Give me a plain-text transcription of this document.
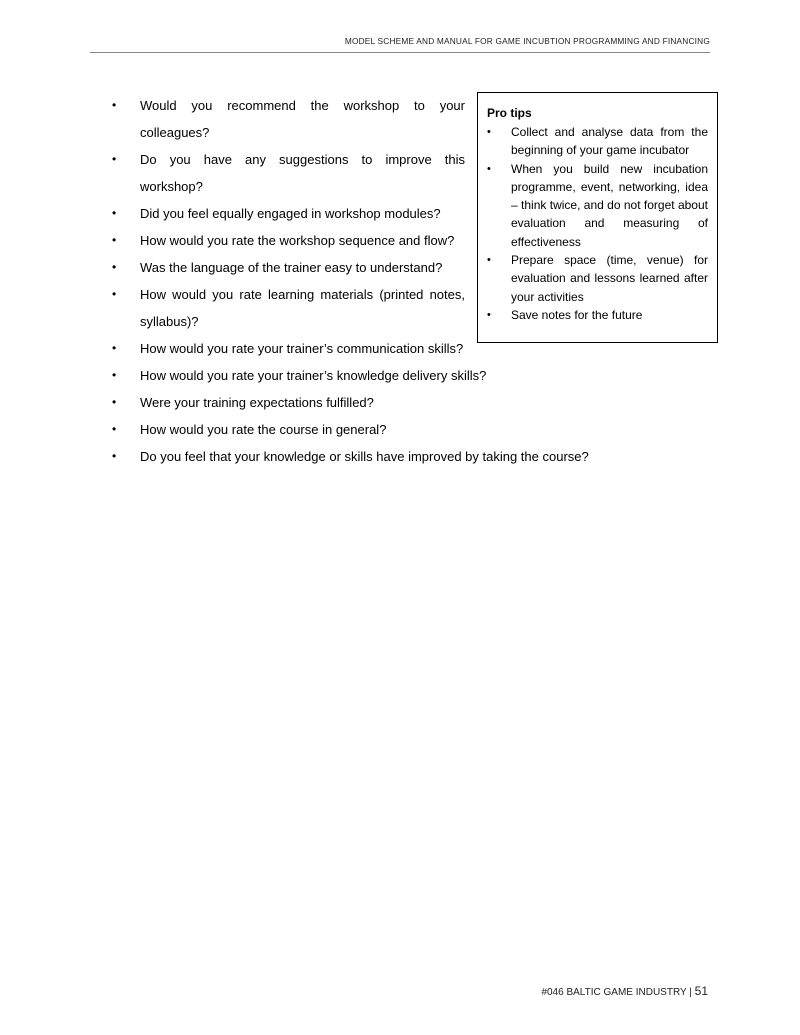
MODEL SCHEME AND MANUAL FOR GAME INCUBTION PROGRAMMING AND FINANCING
• Would you recommend the workshop to your colleagues?
• Do you have any suggestions to improve this workshop?
• Did you feel equally engaged in workshop modules?
• How would you rate the workshop sequence and flow?
• Was the language of the trainer easy to understand?
• How would you rate learning materials (printed notes, syllabus)?
• How would you rate your trainer’s communication skills?
• How would you rate your trainer’s knowledge delivery skills?
• Were your training expectations fulfilled?
• How would you rate the course in general?
• Do you feel that your knowledge or skills have improved by taking the course?
Pro tips
• Collect and analyse data from the beginning of your game incubator
• When you build new incubation programme, event, networking, idea – think twice, and do not forget about evaluation and measuring of effectiveness
• Prepare space (time, venue) for evaluation and lessons learned after your activities
• Save notes for the future
#046 BALTIC GAME INDUSTRY | 51
